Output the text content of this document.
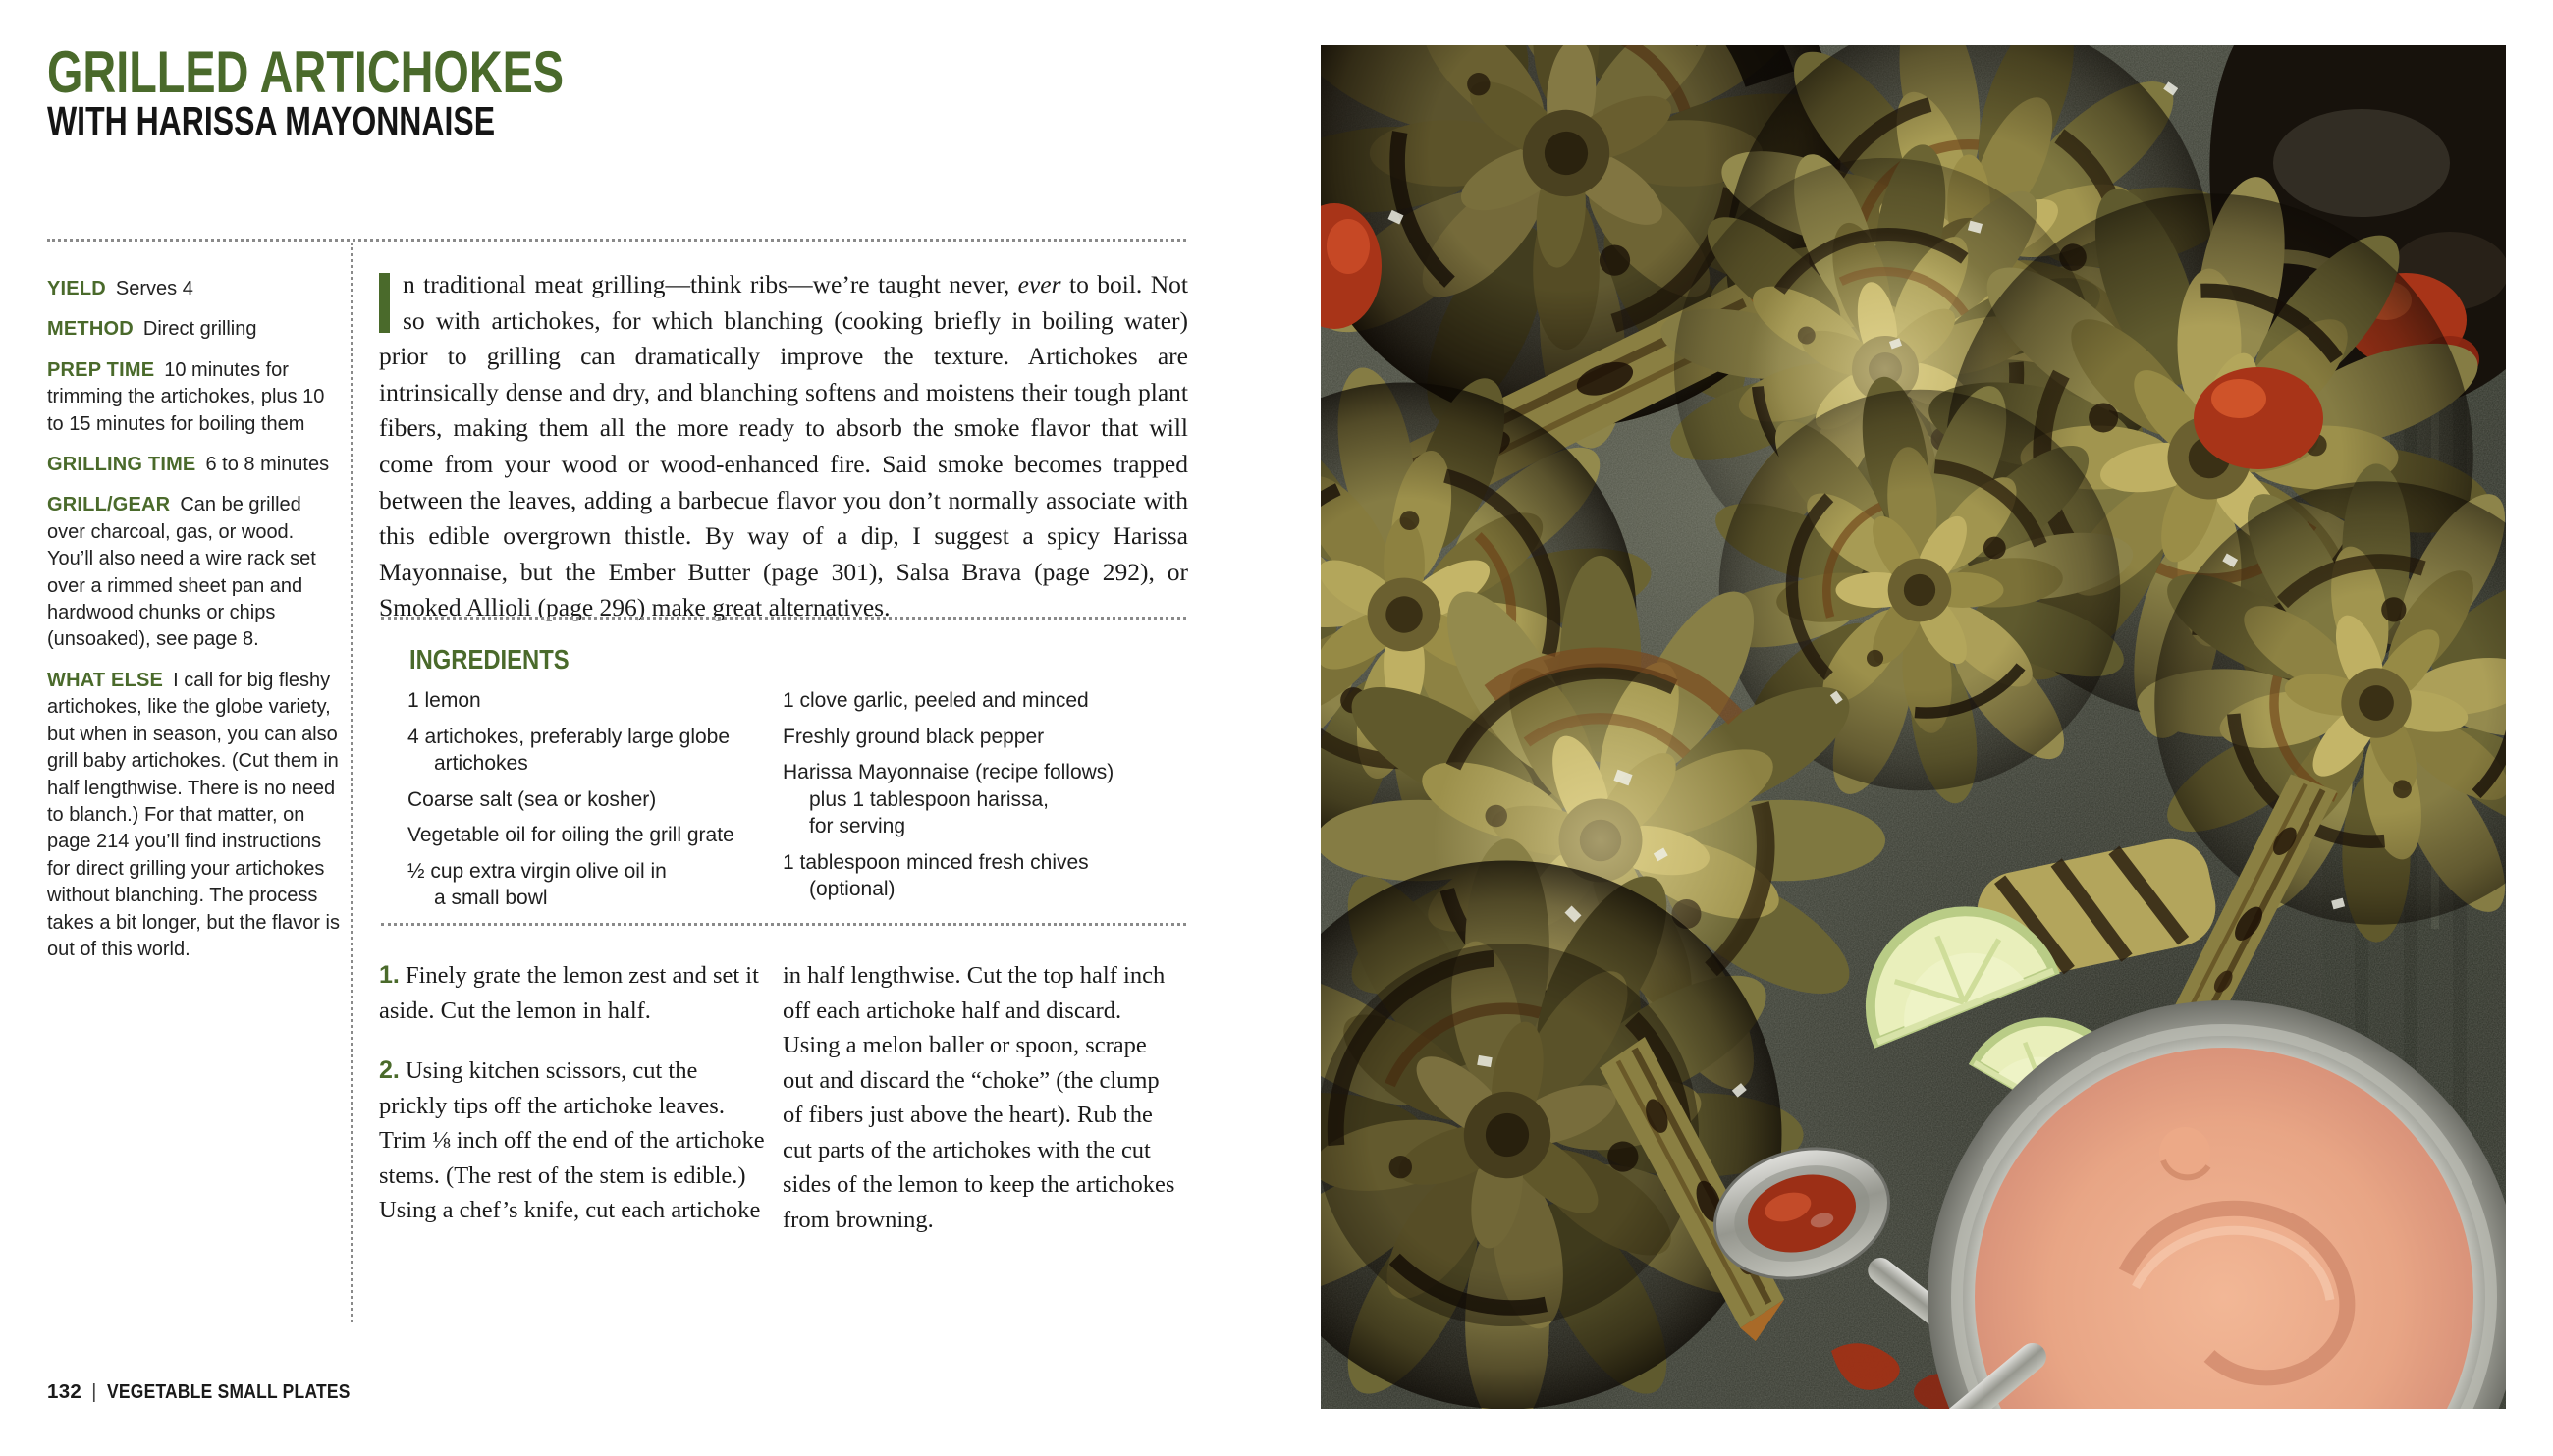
GRILLED ARTICHOKES
WITH HARISSA MAYONNAISE
YIELD Serves 4
METHOD Direct grilling
PREP TIME 10 minutes for trimming the artichokes, plus 10 to 15 minutes for boiling them
GRILLING TIME 6 to 8 minutes
GRILL/GEAR Can be grilled over charcoal, gas, or wood. You’ll also need a wire rack set over a rimmed sheet pan and hardwood chunks or chips (unsoaked), see page 8.
WHAT ELSE I call for big fleshy artichokes, like the globe variety, but when in season, you can also grill baby artichokes. (Cut them in half lengthwise. There is no need to blanch.) For that matter, on page 214 you’ll find instructions for direct grilling your artichokes without blanching. The process takes a bit longer, but the flavor is out of this world.
n traditional meat grilling—think ribs—we’re taught never, ever to boil. Not so with artichokes, for which blanching (cooking briefly in boiling water) prior to grilling can dramatically improve the texture. Artichokes are intrinsically dense and dry, and blanching softens and moistens their tough plant fibers, making them all the more ready to absorb the smoke flavor that will come from your wood or wood-enhanced fire. Said smoke becomes trapped between the leaves, adding a barbecue flavor you don’t normally associate with this edible overgrown thistle. By way of a dip, I suggest a spicy Harissa Mayonnaise, but the Ember Butter (page 301), Salsa Brava (page 292), or Smoked Allioli (page 296) make great alternatives.
INGREDIENTS
1 lemon
4 artichokes, preferably large globe
artichokes
Coarse salt (sea or kosher)
Vegetable oil for oiling the grill grate
½ cup extra virgin olive oil in
a small bowl
1 clove garlic, peeled and minced
Freshly ground black pepper
Harissa Mayonnaise (recipe follows)
plus 1 tablespoon harissa,
for serving
1 tablespoon minced fresh chives
(optional)

1. Finely grate the lemon zest and set it aside. Cut the lemon in half.

2. Using kitchen scissors, cut the prickly tips off the artichoke leaves. Trim ⅛ inch off the end of the artichoke stems. (The rest of the stem is edible.) Using a chef’s knife, cut each artichoke

in half lengthwise. Cut the top half inch off each artichoke half and discard. Using a melon baller or spoon, scrape out and discard the “choke” (the clump of fibers just above the heart). Rub the cut parts of the artichokes with the cut sides of the lemon to keep the artichokes from browning.

132 | VEGETABLE SMALL PLATES
